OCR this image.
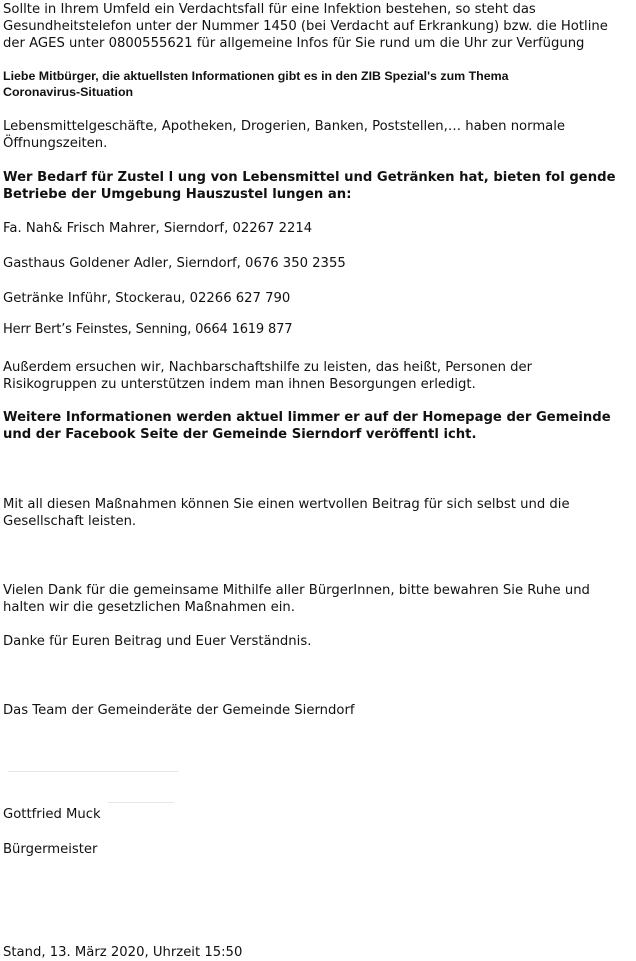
Sollte in Ihrem Umfeld ein Verdachtsfall für eine Infektion bestehen, so steht das
Gesundheitstelefon unter der Nummer 1450 (bei Verdacht auf Erkrankung) bzw. die Hotline
der AGES unter 0800555621 für allgemeine Infos für Sie rund um die Uhr zur Verfügung

Liebe Mitbürger, die aktuellsten Informationen gibt es in den ZIB Spezial's zum Thema
Coronavirus-Situation

Lebensmittelgeschäfte, Apotheken, Drogerien, Banken, Poststellen,… haben normale
Öffnungszeiten.

Wer Bedarf für Zustel l ung von Lebensmittel und Getränken hat, bieten fol gende
Betriebe der Umgebung Hauszustel lungen an:

Fa. Nah& Frisch Mahrer, Sierndorf, 02267 2214

Gasthaus Goldener Adler, Sierndorf, 0676 350 2355

Getränke Inführ, Stockerau, 02266 627 790

Herr Bert’s Feinstes, Senning, 0664 1619 877

Außerdem ersuchen wir, Nachbarschaftshilfe zu leisten, das heißt, Personen der
Risikogruppen zu unterstützen indem man ihnen Besorgungen erledigt.

Weitere Informationen werden aktuel limmer er auf der Homepage der Gemeinde
und der Facebook Seite der Gemeinde Sierndorf veröffentl icht.

Mit all diesen Maßnahmen können Sie einen wertvollen Beitrag für sich selbst und die
Gesellschaft leisten.

Vielen Dank für die gemeinsame Mithilfe aller BürgerInnen, bitte bewahren Sie Ruhe und
halten wir die gesetzlichen Maßnahmen ein.

Danke für Euren Beitrag und Euer Verständnis.

Das Team der Gemeinderäte der Gemeinde Sierndorf

Gottfried Muck

Bürgermeister

Stand, 13. März 2020, Uhrzeit 15:50
